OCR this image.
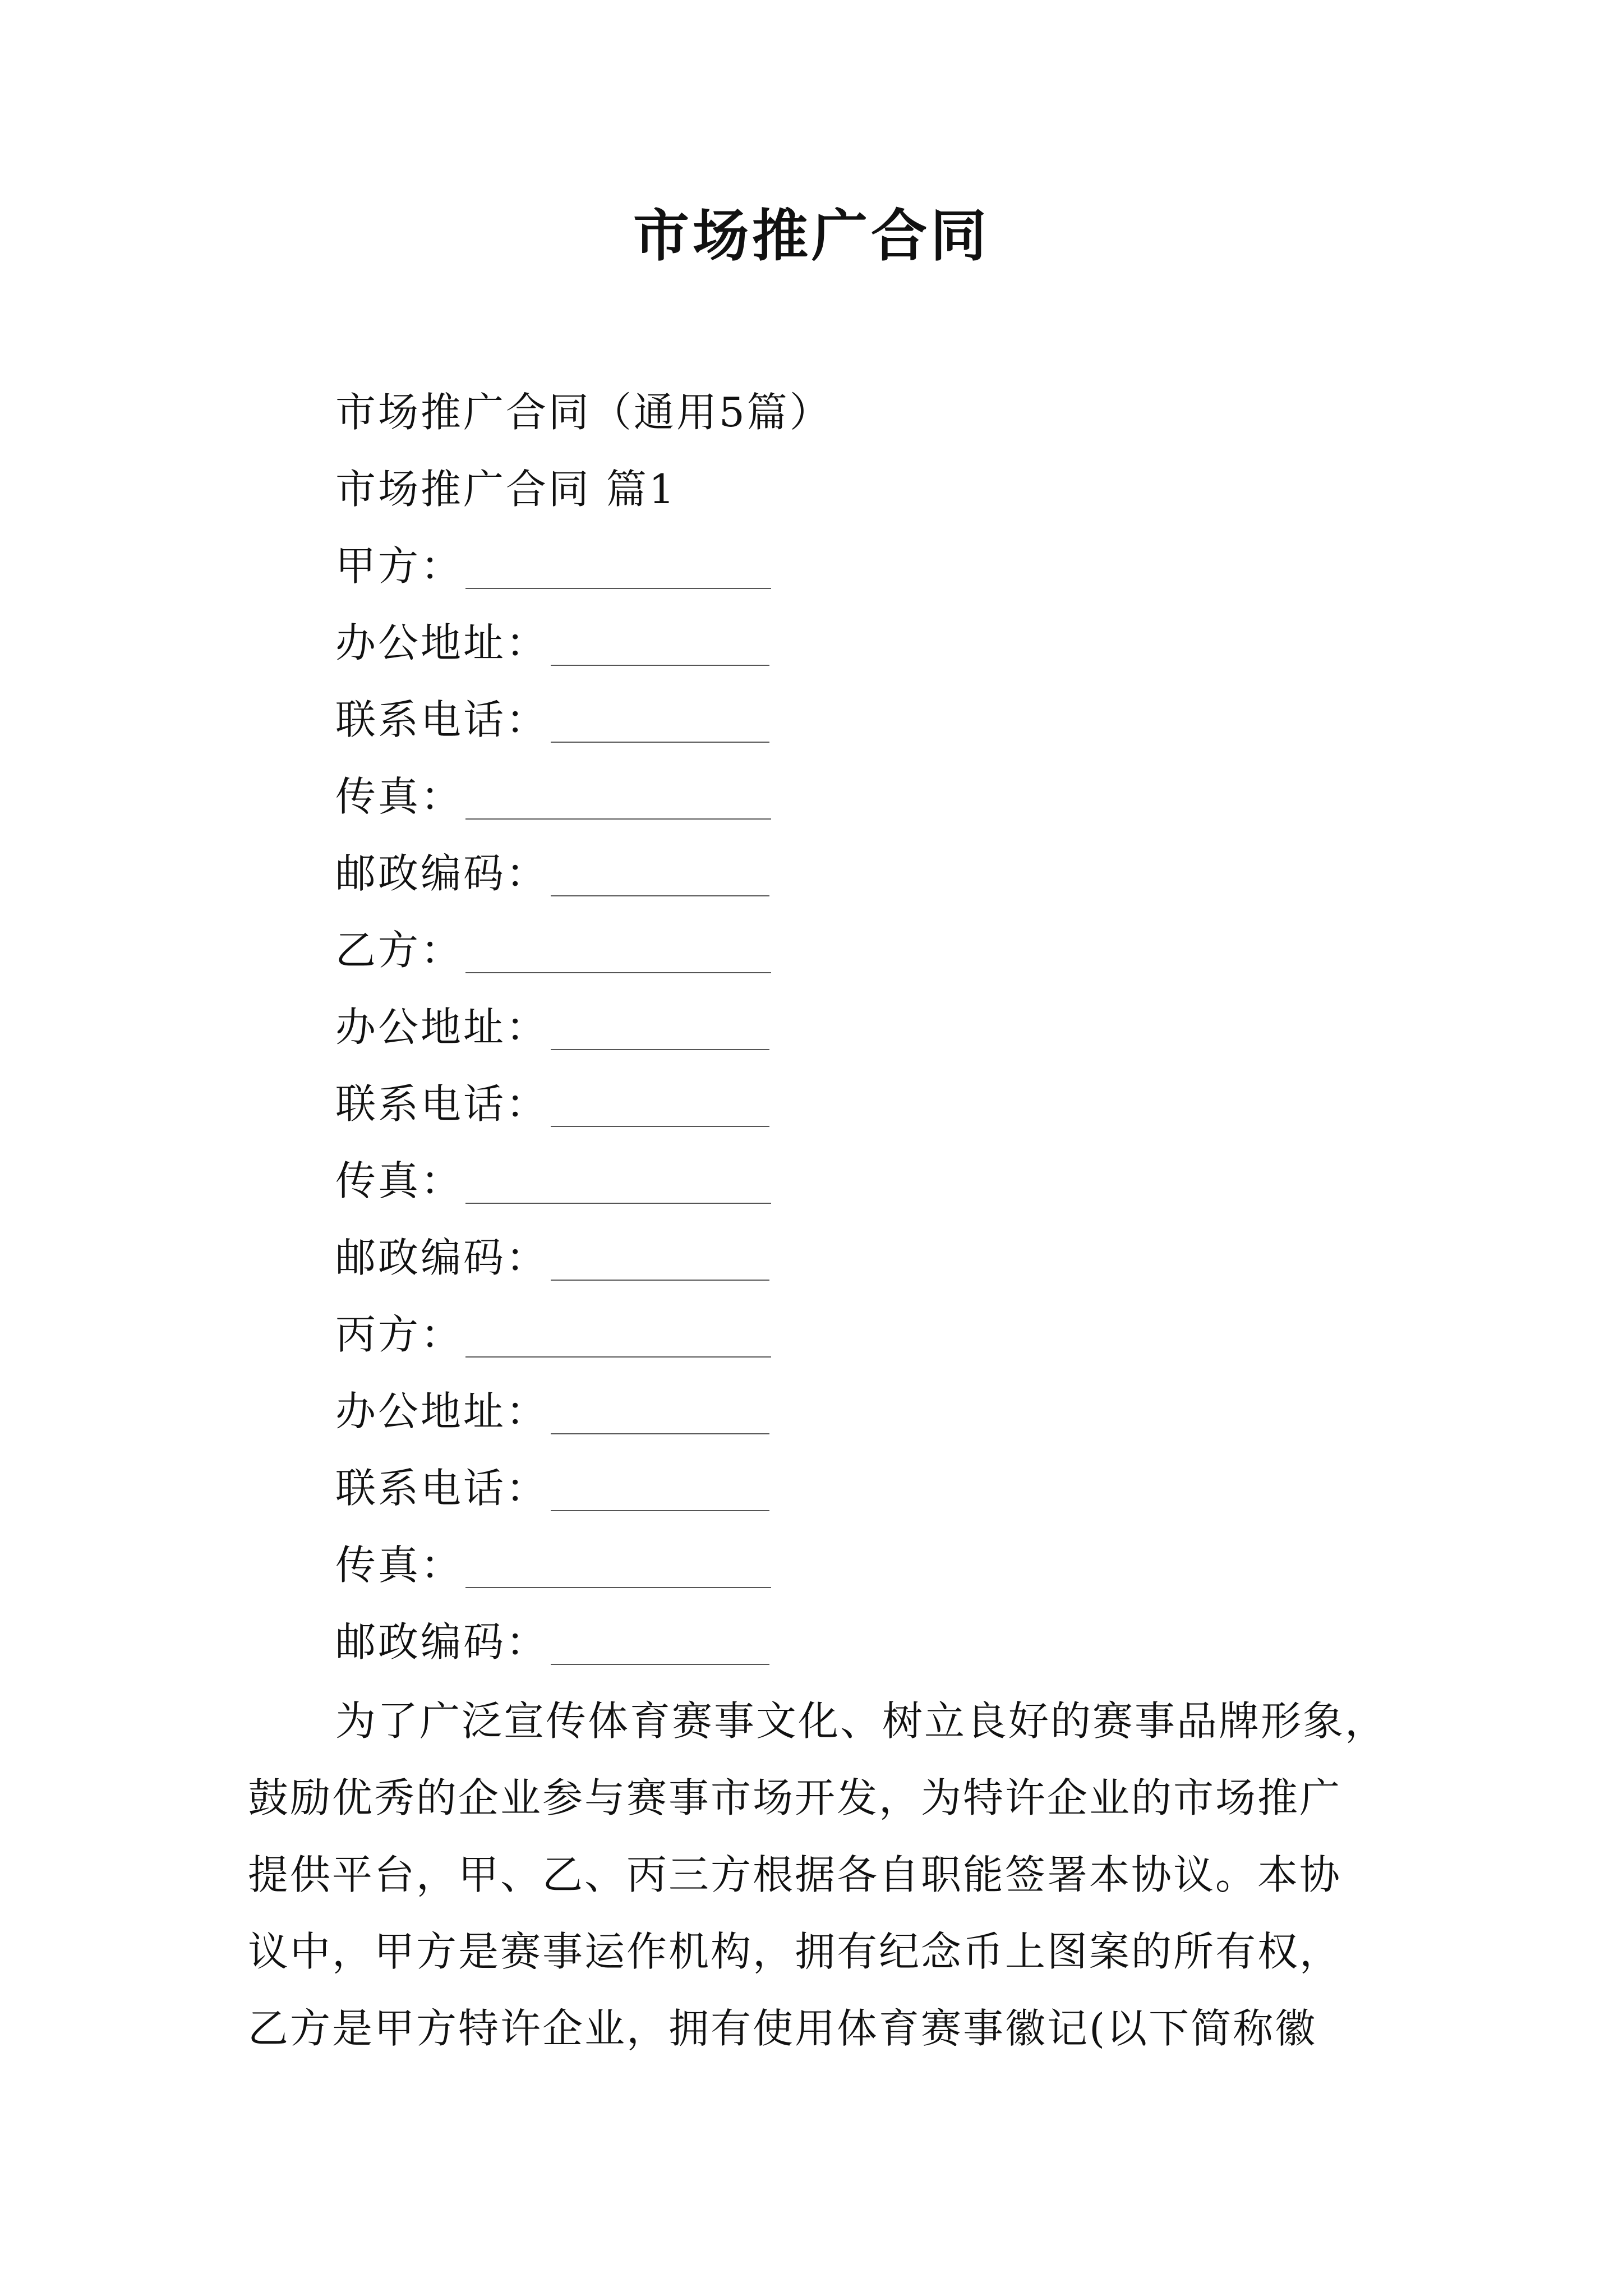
市场推广合同
市场推广合同（通用5篇）
市场推广合同 篇1
甲方：
办公地址：
联系电话：
传真：
邮政编码：
乙方：
办公地址：
联系电话：
传真：
邮政编码：
丙方：
办公地址：
联系电话：
传真：
邮政编码：
为了广泛宣传体育赛事文化、树立良好的赛事品牌形象，
鼓励优秀的企业参与赛事市场开发，为特许企业的市场推广
提供平台，甲、乙、丙三方根据各自职能签署本协议。本协
议中，甲方是赛事运作机构，拥有纪念币上图案的所有权，
乙方是甲方特许企业，拥有使用体育赛事徽记(以下简称徽
